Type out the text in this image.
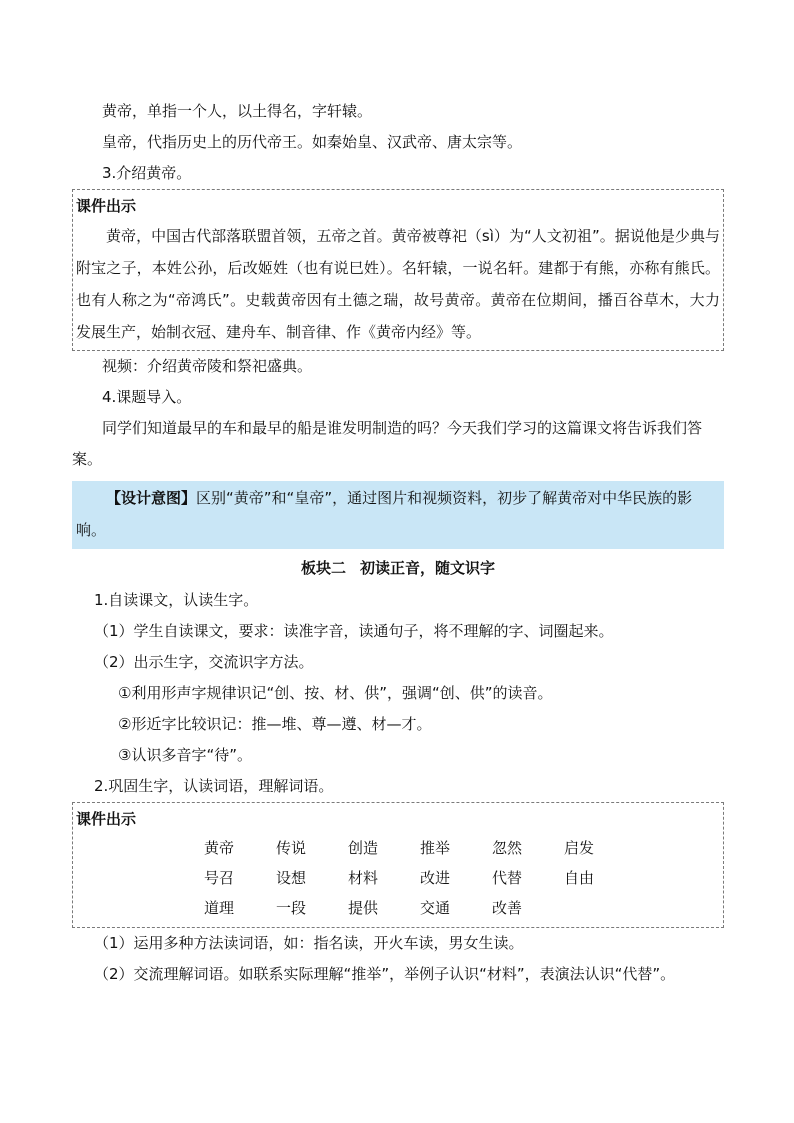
黄帝，单指一个人，以土得名，字轩辕。

皇帝，代指历史上的历代帝王。如秦始皇、汉武帝、唐太宗等。

3.介绍黄帝。

课件出示
黄帝，中国古代部落联盟首领，五帝之首。黄帝被尊祀（sì）为“人文初祖”。据说他是少典与附宝之子，本姓公孙，后改姬姓（也有说巳姓）。名轩辕，一说名轩。建都于有熊，亦称有熊氏。也有人称之为“帝鸿氏”。史载黄帝因有土德之瑞，故号黄帝。黄帝在位期间，播百谷草木，大力发展生产，始制衣冠、建舟车、制音律、作《黄帝内经》等。

视频：介绍黄帝陵和祭祀盛典。

4.课题导入。

同学们知道最早的车和最早的船是谁发明制造的吗？今天我们学习的这篇课文将告诉我们答案。

【设计意图】区别“黄帝”和“皇帝”，通过图片和视频资料，初步了解黄帝对中华民族的影响。
板块二 初读正音，随文识字

1.自读课文，认读生字。

（1）学生自读课文，要求：读准字音，读通句子，将不理解的字、词圈起来。

（2）出示生字，交流识字方法。

①利用形声字规律识记“创、按、材、供”，强调“创、供”的读音。

②形近字比较识记：推—堆、尊—遵、材—才。

③认识多音字“待”。

2.巩固生字，认读词语，理解词语。

课件出示
黄帝	传说	创造	推举	忽然	启发
号召	设想	材料	改进	代替	自由
道理	一段	提供	交通	改善

（1）运用多种方法读词语，如：指名读，开火车读，男女生读。

（2）交流理解词语。如联系实际理解“推举”，举例子认识“材料”，表演法认识“代替”。
